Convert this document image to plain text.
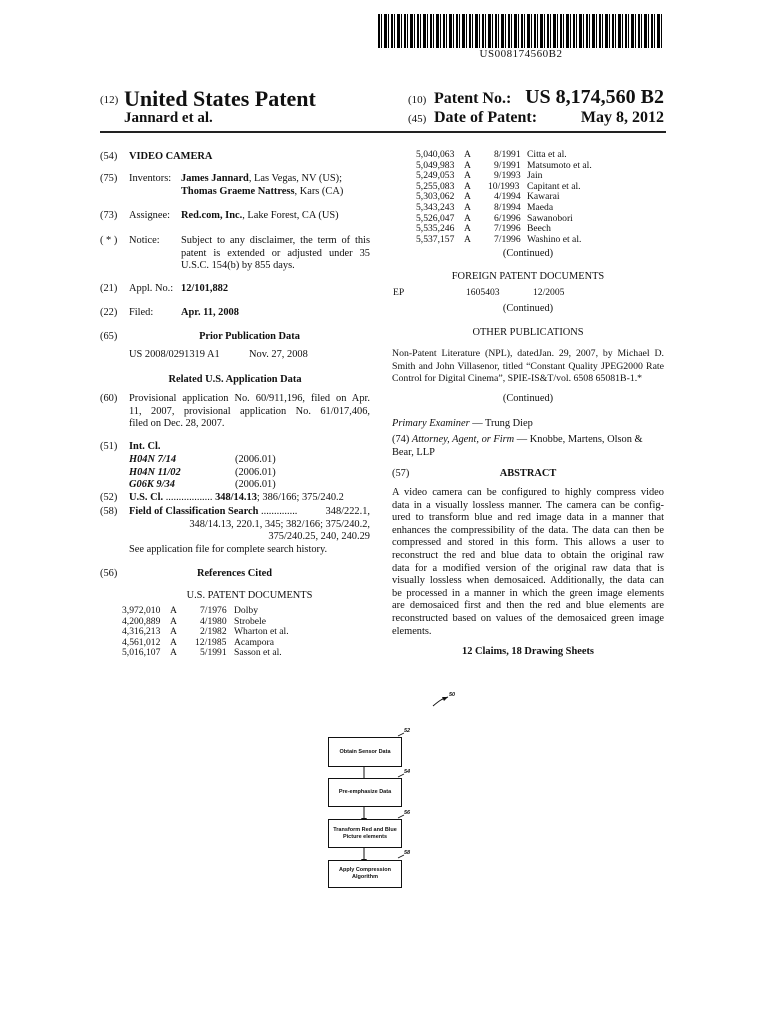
US008174560B2
(12) United States Patent
Jannard et al.
(10) Patent No.: US 8,174,560 B2
(45) Date of Patent:	May 8, 2012
(54) VIDEO CAMERA
(75) Inventors: James Jannard, Las Vegas, NV (US);
Thomas Graeme Nattress, Kars (CA)
(73) Assignee: Red.com, Inc., Lake Forest, CA (US)
( * ) Notice: Subject to any disclaimer, the term of this
patent is extended or adjusted under 35
U.S.C. 154(b) by 855 days.
(21) Appl. No.: 12/101,882
(22) Filed:	Apr. 11, 2008
(65)	Prior Publication Data
US 2008/0291319 A1	Nov. 27, 2008
Related U.S. Application Data
(60) Provisional application No. 60/911,196, filed on Apr.
11, 2007, provisional application No. 61/017,406,
filed on Dec. 28, 2007.
(51) Int. Cl.
H04N 7/14	(2006.01)
H04N 11/02	(2006.01)
G06K 9/34	(2006.01)
(52) U.S. Cl. .................. 348/14.13; 386/166; 375/240.2
(58) Field of Classification Search ..............	348/222.1,
348/14.13, 220.1, 345; 382/166; 375/240.2,
375/240.25, 240, 240.29
See application file for complete search history.
(56)	References Cited
U.S. PATENT DOCUMENTS
3,972,010 A 7/1976 Dolby
4,200,889 A 4/1980 Strobele
4,316,213 A 2/1982 Wharton et al.
4,561,012 A 12/1985 Acampora
5,016,107 A 5/1991 Sasson et al.
5,040,063 A 8/1991 Citta et al.
5,049,983 A 9/1991 Matsumoto et al.
5,249,053 A 9/1993 Jain
5,255,083 A 10/1993 Capitant et al.
5,303,062 A 4/1994 Kawarai
5,343,243 A 8/1994 Maeda
5,526,047 A 6/1996 Sawanobori
5,535,246 A 7/1996 Beech
5,537,157 A 7/1996 Washino et al.
(Continued)
FOREIGN PATENT DOCUMENTS
EP	1605403	12/2005
(Continued)
OTHER PUBLICATIONS
Non-Patent Literature (NPL), datedJan. 29, 2007, by Michael D.
Smith and John Villasenor, titled “Constant Quality JPEG2000 Rate
Control for Digital Cinema”, SPIE-IS&T/vol. 6508 65081B-1.*
(Continued)
Primary Examiner — Trung Diep
(74) Attorney, Agent, or Firm — Knobbe, Martens, Olson &
Bear, LLP
(57)	ABSTRACT
A video camera can be configured to highly compress video
data in a visually lossless manner. The camera can be config-
ured to transform blue and red image data in a manner that
enhances the compressibility of the data. The data can then be
compressed and stored in this form. This allows a user to
reconstruct the red and blue data to obtain the original raw
data for a modified version of the original raw data that is
visually lossless when demosaiced. Additionally, the data can
be processed in a manner in which the green image elements
are demosaiced first and then the red and blue elements are
reconstructed based on values of the demosaiced green image
elements.
12 Claims, 18 Drawing Sheets
50
52
Obtain Sensor Data
54
Pre-emphasize Data
56
Transform Red and Blue Picture elements
58
Apply Compression Algorithm
